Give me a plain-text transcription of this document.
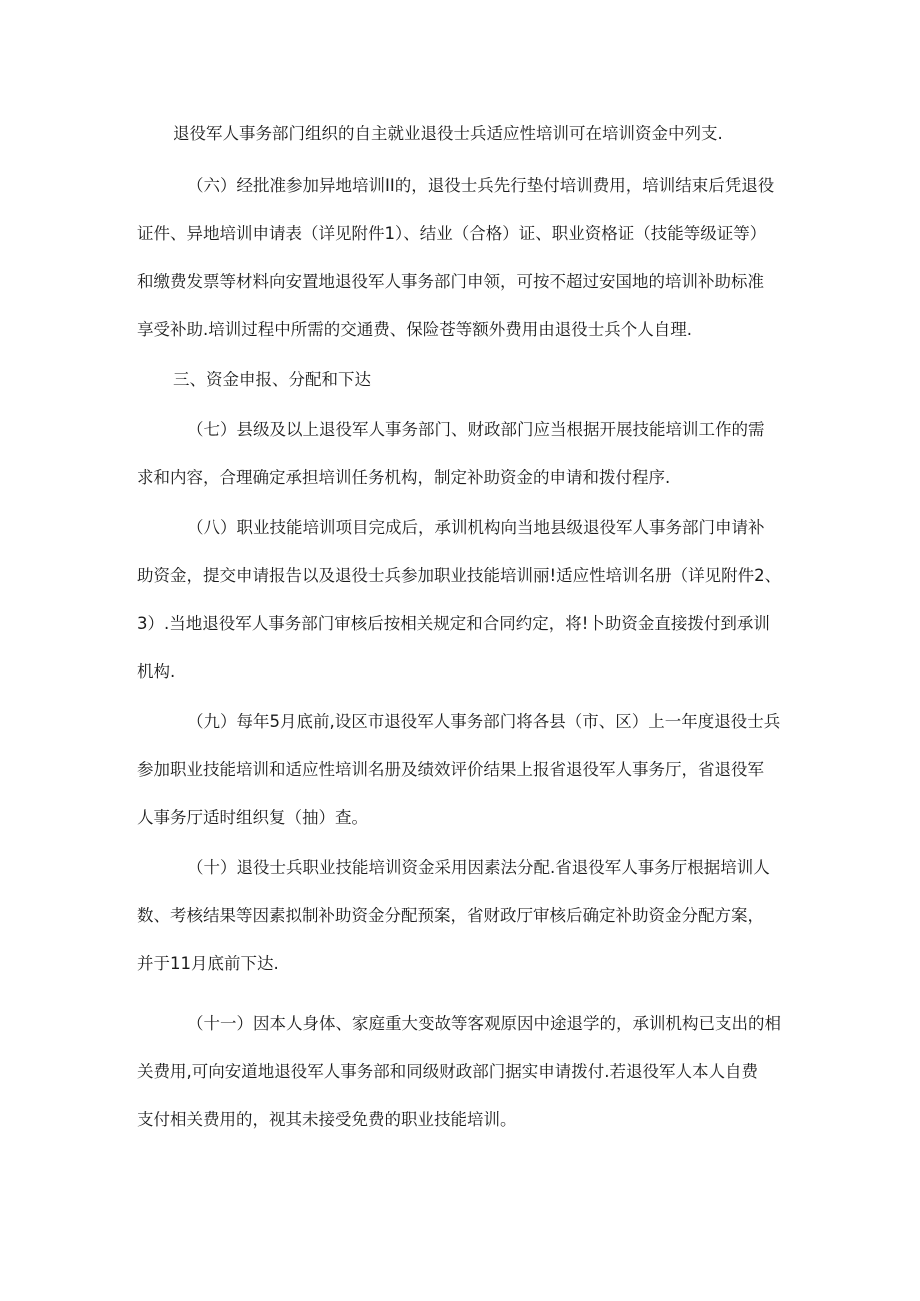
退役军人事务部门组织的自主就业退役士兵适应性培训可在培训资金中列支.
（六）经批准参加异地培训II的，退役士兵先行垫付培训费用，培训结束后凭退役
证件、异地培训申请表（详见附件1）、结业（合格）证、职业资格证（技能等级证等）
和缴费发票等材料向安置地退役军人事务部门申领，可按不超过安国地的培训补助标准
享受补助.培训过程中所需的交通费、保险苍等额外费用由退役士兵个人自理.
三、资金申报、分配和下达
（七）县级及以上退役军人事务部门、财政部门应当根据开展技能培训工作的需
求和内容，合理确定承担培训任务机构，制定补助资金的申请和拨付程序.
（八）职业技能培训项目完成后，承训机构向当地县级退役军人事务部门申请补
助资金，提交申请报告以及退役士兵参加职业技能培训丽!适应性培训名册（详见附件2、
3）.当地退役军人事务部门审核后按相关规定和合同约定，将!卜助资金直接拨付到承训
机构.
（九）每年5月底前,设区市退役军人事务部门将各县（市、区）上一年度退役士兵
参加职业技能培训和适应性培训名册及绩效评价结果上报省退役军人事务厅，省退役军
人事务厅适时组织复（抽）查。
（十）退役士兵职业技能培训资金采用因素法分配.省退役军人事务厅根据培训人
数、考核结果等因素拟制补助资金分配预案，省财政厅审核后确定补助资金分配方案，
并于11月底前下达.
（十一）因本人身体、家庭重大变故等客观原因中途退学的，承训机构已支出的相
关费用,可向安道地退役军人事务部和同级财政部门据实申请拨付.若退役军人本人自费
支付相关费用的，视其未接受免费的职业技能培训。
